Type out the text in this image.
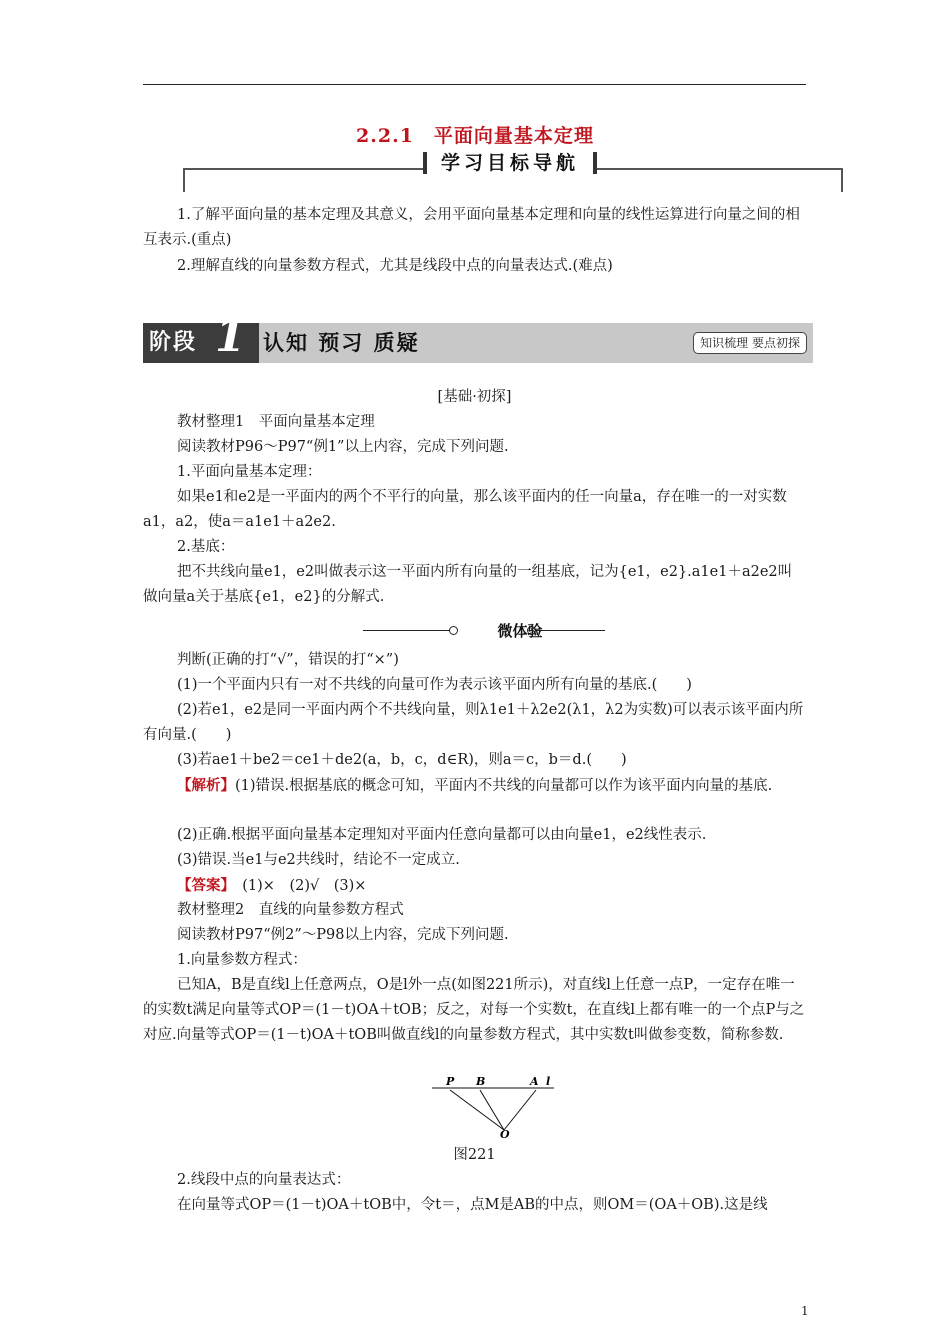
2.2.1　平面向量基本定理
学习目标导航
1.了解平面向量的基本定理及其意义，会用平面向量基本定理和向量的线性运算进行向量之间的相互表示.(重点)
2.理解直线的向量参数方程式，尤其是线段中点的向量表达式.(难点)
阶段 1 认知 预习 质疑	知识梳理 要点初探
[基础·初探]
教材整理1　平面向量基本定理
阅读教材P96～P97“例1”以上内容，完成下列问题.
1.平面向量基本定理：
如果e1和e2是一平面内的两个不平行的向量，那么该平面内的任一向量a，存在唯一的一对实数a1，a2，使a＝a1e1＋a2e2.
2.基底：
把不共线向量e1，e2叫做表示这一平面内所有向量的一组基底，记为{e1，e2}.a1e1＋a2e2叫做向量a关于基底{e1，e2}的分解式.
微体验
判断(正确的打“√”，错误的打“×”)
(1)一个平面内只有一对不共线的向量可作为表示该平面内所有向量的基底.(　　)
(2)若e1，e2是同一平面内两个不共线向量，则λ1e1＋λ2e2(λ1，λ2为实数)可以表示该平面内所有向量.(　　)
(3)若ae1＋be2＝ce1＋de2(a，b，c，d∈R)，则a＝c，b＝d.(　　)
【解析】(1)错误.根据基底的概念可知，平面内不共线的向量都可以作为该平面内向量的基底.
(2)正确.根据平面向量基本定理知对平面内任意向量都可以由向量e1，e2线性表示.
(3)错误.当e1与e2共线时，结论不一定成立.
【答案】　 (1)×　(2)√　(3)×
教材整理2　直线的向量参数方程式
阅读教材P97“例2”～P98以上内容，完成下列问题.
1.向量参数方程式：
已知A，B是直线l上任意两点，O是l外一点(如图221所示)，对直线l上任意一点P，一定存在唯一的实数t满足向量等式OP＝(1－t)OA＋tOB；反之，对每一个实数t，在直线l上都有唯一的一个点P与之对应.向量等式OP＝(1－t)OA＋tOB叫做直线l的向量参数方程式，其中实数t叫做参变数，简称参数.
P B	A l
O
图221
2.线段中点的向量表达式：
在向量等式OP＝(1－t)OA＋tOB中，令t＝，点M是AB的中点，则OM＝(OA＋OB).这是线
1
